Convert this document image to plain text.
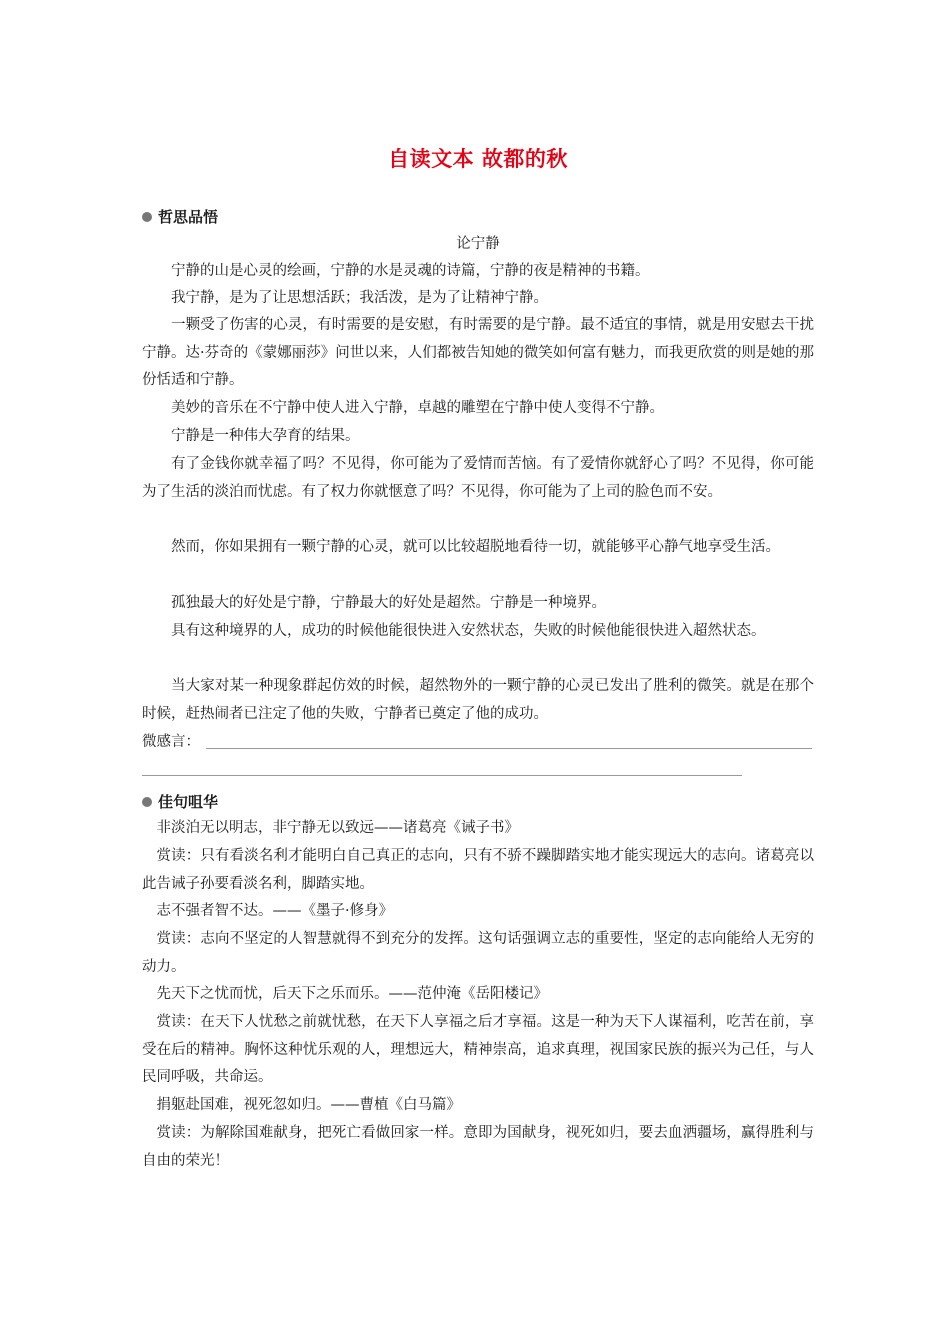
自读文本 故都的秋
哲思品悟
论宁静
宁静的山是心灵的绘画，宁静的水是灵魂的诗篇，宁静的夜是精神的书籍。
我宁静，是为了让思想活跃；我活泼，是为了让精神宁静。
一颗受了伤害的心灵，有时需要的是安慰，有时需要的是宁静。最不适宜的事情，就是用安慰去干扰宁静。达·芬奇的《蒙娜丽莎》问世以来，人们都被告知她的微笑如何富有魅力，而我更欣赏的则是她的那份恬适和宁静。
美妙的音乐在不宁静中使人进入宁静，卓越的雕塑在宁静中使人变得不宁静。
宁静是一种伟大孕育的结果。
有了金钱你就幸福了吗？不见得，你可能为了爱情而苦恼。有了爱情你就舒心了吗？不见得，你可能为了生活的淡泊而忧虑。有了权力你就惬意了吗？不见得，你可能为了上司的脸色而不安。
然而，你如果拥有一颗宁静的心灵，就可以比较超脱地看待一切，就能够平心静气地享受生活。
孤独最大的好处是宁静，宁静最大的好处是超然。宁静是一种境界。
具有这种境界的人，成功的时候他能很快进入安然状态，失败的时候他能很快进入超然状态。
当大家对某一种现象群起仿效的时候，超然物外的一颗宁静的心灵已发出了胜利的微笑。就是在那个时候，赶热闹者已注定了他的失败，宁静者已奠定了他的成功。
微感言：
佳句咀华
非淡泊无以明志，非宁静无以致远——诸葛亮《诫子书》
赏读：只有看淡名利才能明白自己真正的志向，只有不骄不躁脚踏实地才能实现远大的志向。诸葛亮以此告诫子孙要看淡名利，脚踏实地。
志不强者智不达。——《墨子·修身》
赏读：志向不坚定的人智慧就得不到充分的发挥。这句话强调立志的重要性，坚定的志向能给人无穷的动力。
先天下之忧而忧，后天下之乐而乐。——范仲淹《岳阳楼记》
赏读：在天下人忧愁之前就忧愁，在天下人享福之后才享福。这是一种为天下人谋福利，吃苦在前，享受在后的精神。胸怀这种忧乐观的人，理想远大，精神崇高，追求真理，视国家民族的振兴为己任，与人民同呼吸，共命运。
捐躯赴国难，视死忽如归。——曹植《白马篇》
赏读：为解除国难献身，把死亡看做回家一样。意即为国献身，视死如归，要去血洒疆场，赢得胜利与自由的荣光！
